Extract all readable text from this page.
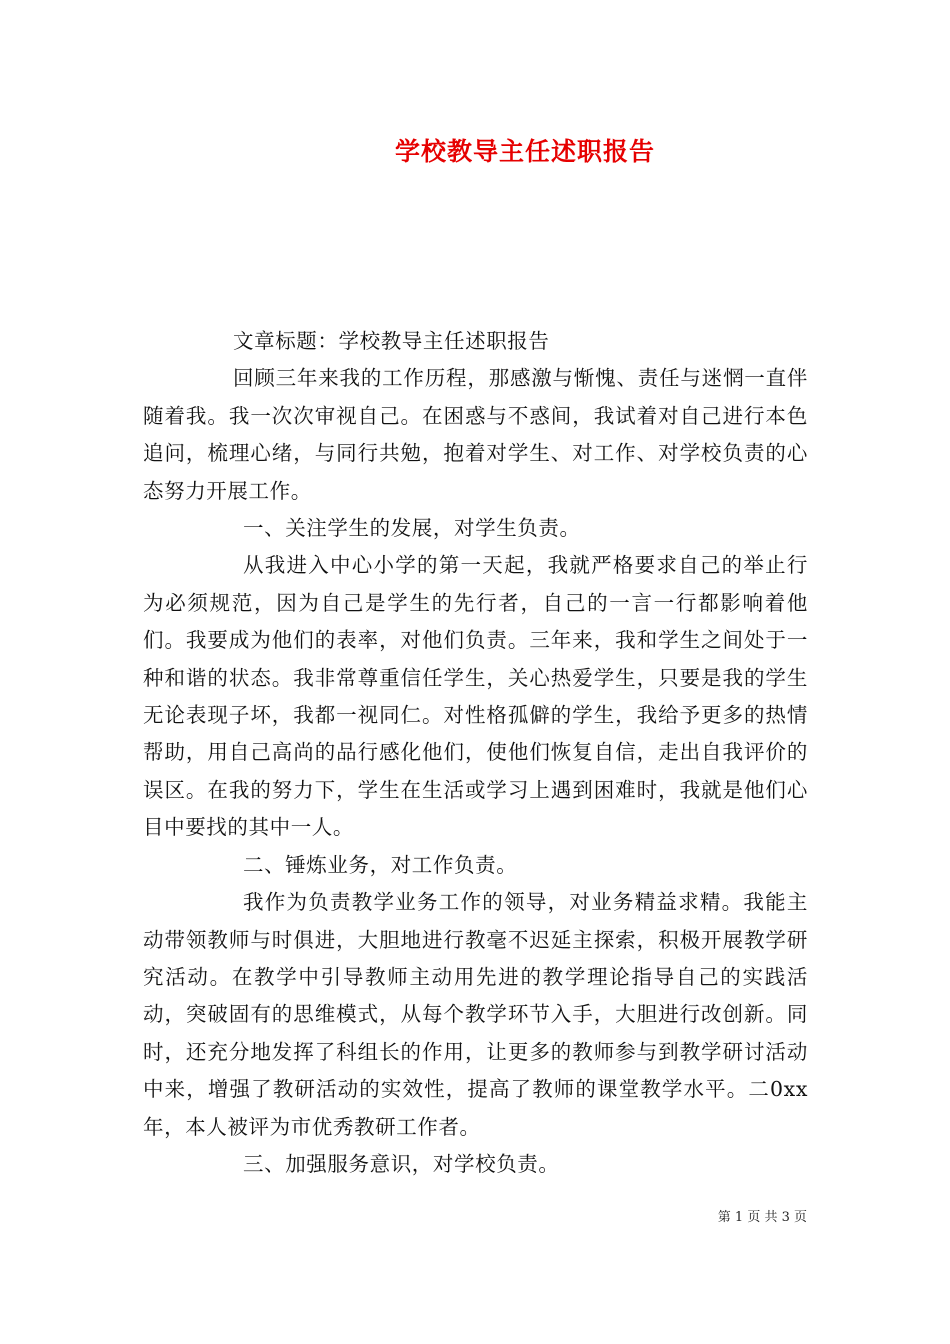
学校教导主任述职报告

文章标题：学校教导主任述职报告

回顾三年来我的工作历程，那感激与惭愧、责任与迷惘一直伴随着我。我一次次审视自己。在困惑与不惑间，我试着对自己进行本色追问，梳理心绪，与同行共勉，抱着对学生、对工作、对学校负责的心态努力开展工作。

一、关注学生的发展，对学生负责。

从我进入中心小学的第一天起，我就严格要求自己的举止行为必须规范，因为自己是学生的先行者，自己的一言一行都影响着他们。我要成为他们的表率，对他们负责。三年来，我和学生之间处于一种和谐的状态。我非常尊重信任学生，关心热爱学生，只要是我的学生无论表现子坏，我都一视同仁。对性格孤僻的学生，我给予更多的热情帮助，用自己高尚的品行感化他们，使他们恢复自信，走出自我评价的误区。在我的努力下，学生在生活或学习上遇到困难时，我就是他们心目中要找的其中一人。

二、锤炼业务，对工作负责。

我作为负责教学业务工作的领导，对业务精益求精。我能主动带领教师与时俱进，大胆地进行教毫不迟延主探索，积极开展教学研究活动。在教学中引导教师主动用先进的教学理论指导自己的实践活动，突破固有的思维模式，从每个教学环节入手，大胆进行改创新。同时，还充分地发挥了科组长的作用，让更多的教师参与到教学研讨活动中来，增强了教研活动的实效性，提高了教师的课堂教学水平。二0xx年，本人被评为市优秀教研工作者。

三、加强服务意识，对学校负责。

第 1 页 共 3 页
